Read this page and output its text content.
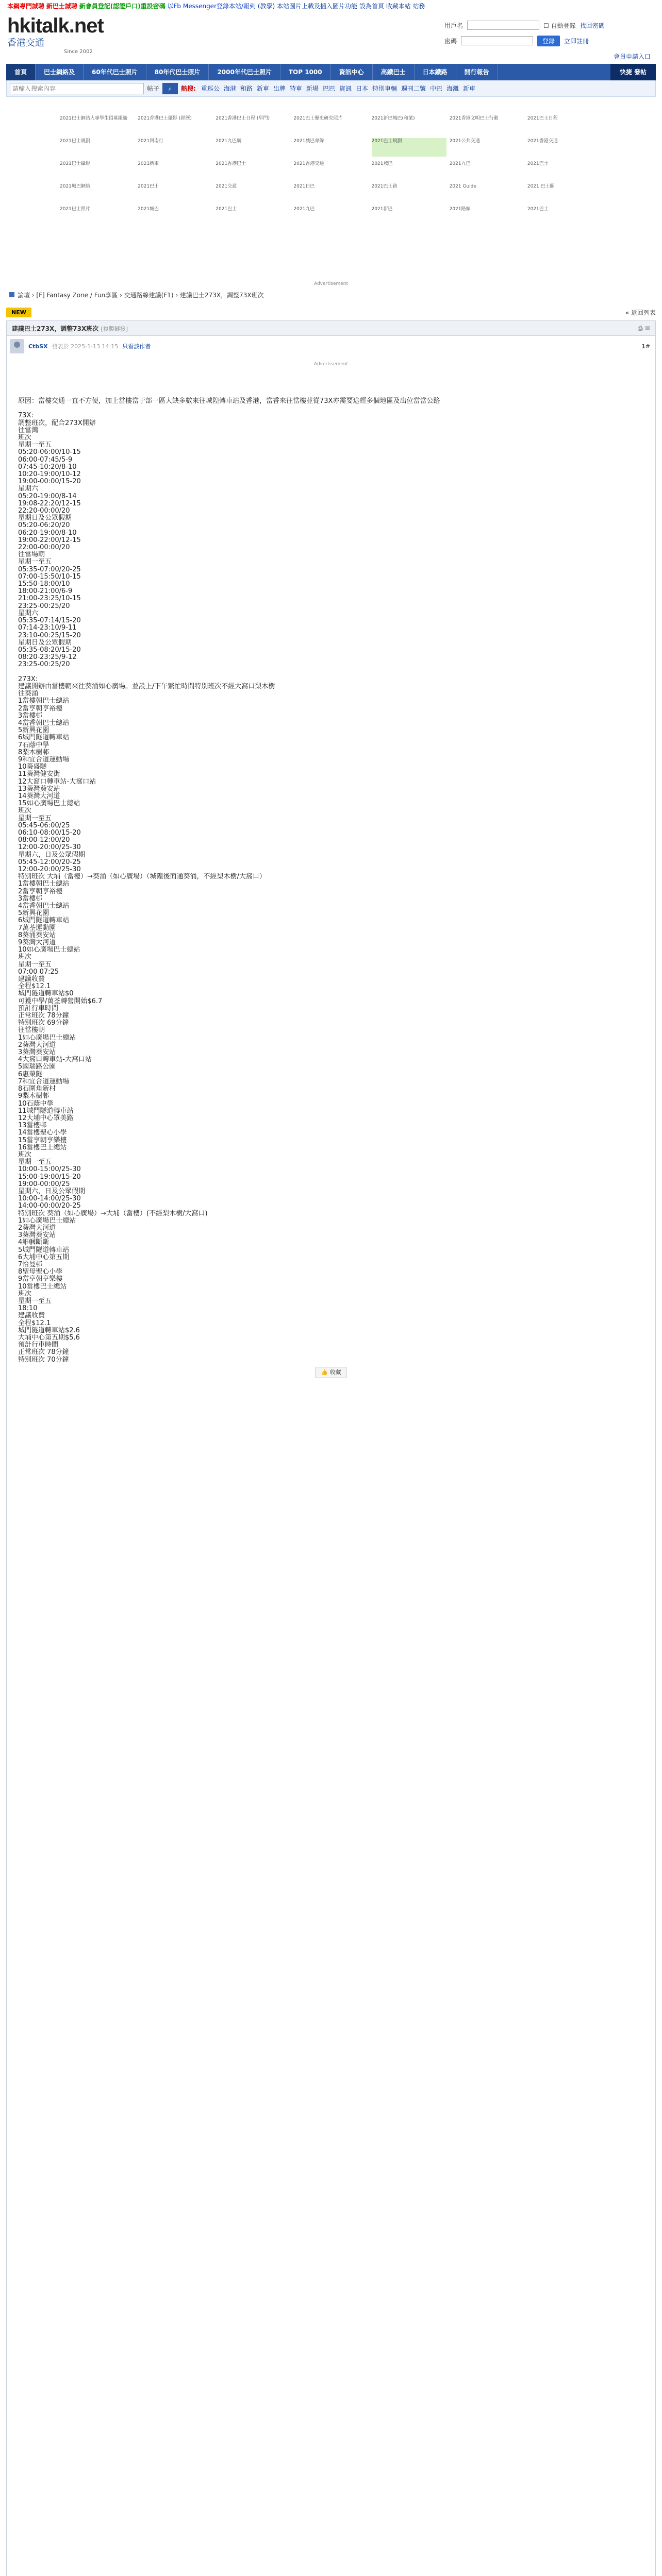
本網專門誠聘 新巴士誠聘 新會員登記(認證戶口)重設密碼 以Fb Messenger登錄本站/報到 (教學) 本站圖片上載及插入圖片功能 設為首頁 收藏本站 站務
hkitalk.net
香港交通
Since 2002
用戶名	☐ 自動登錄 找回密碼
密碼	登錄	立即註冊
會員申請入口
首頁	巴士網絡及	60年代巴士照片	80年代巴士照片	2000年代巴士照片	TOP 1000	資訊中心	高鐵巴士	日本鐵路	開行報告	快捷 發帖
請輸入搜索內容
帖子	⌕	熱搜: 重巡公 海港 和路 新車 出牌 特車 新場 巴巴 資訊 日本 特別車輛 週刊二號 中巴 海灘 新車
2021巴士網站大專學生招募組織	2021香港巴士攝影 (經歷)	2021香港巴士日程 (早門)	2021巴士歷史研究照片	2021新巴城巴(和業)	2021香港文明巴士行動	2021巴士日程
2021巴士規劃	2021回南行	2021九巴網	2021城巴專線	2021巴士規劃	2021公共交通	2021香港交通
2021巴士攝影	2021新車	2021香港巴士	2021香港交通	2021城巴	2021九巴	2021巴士
2021城巴網絡	2021巴士	2021交通	2021日巴	2021巴士路	2021 Guide	2021 巴士圖
2021巴士照片	2021城巴	2021巴士	2021九巴	2021新巴	2021路線	2021巴士
Advertisement
論壇 › [F] Fantasy Zone / Fun享區 › 交通路線建議(F1) › 建議巴士273X，調整73X班次
NEW	« 返回列表
建議巴士273X，調整73X班次 [複製鏈接]	⎙ ✉
CtbSX 發表於 2025-1-13 14:15 只看該作者	1#
Advertisement
原因：當樓交通一直不方便，加上當樓當于部一區大缺多數來往城隍轉車站及香港，當香來往當樓並從73X亦需要途經多個地區及出位當當公路

73X:
調整班次，配合273X開辦
往當灣
班次
星期一至五
05:20-06:00/10-15
06:00-07:45/5-9
07:45-10:20/8-10
10:20-19:00/10-12
19:00-00:00/15-20
星期六
05:20-19:00/8-14
19:08-22:20/12-15
22:20-00:00/20
星期日及公眾假期
05:20-06:20/20
06:20-19:00/8-10
19:00-22:00/12-15
22:00-00:00/20
往當場朝
星期一至五
05:35-07:00/20-25
07:00-15:50/10-15
15:50-18:00/10
18:00-21:00/6-9
21:00-23:25/10-15
23:25-00:25/20
星期六
05:35-07:14/15-20
07:14-23:10/9-11
23:10-00:25/15-20
星期日及公眾假期
05:35-08:20/15-20
08:20-23:25/9-12
23:25-00:25/20

273X:
建議開辦由當樓朝來往葵涌如心廣場。並設上/下午繁忙時間特別班次不經大窩口梨木樹
往葵涌
1當樓朝巴士總站
2當亨朝亨裕樓
3當樓邨
4當香朝巴士總站
5新興花園
6城門隧道轉車站
7石蔭中學
8梨木樹邨
9和宜合道運動場
10葵盛隧
11葵灣健安街
12大窩口轉車站-大窩口站
13葵灣葵安站
14葵灣大河道
15如心廣場巴士總站
班次
星期一至五
05:45-06:00/25
06:10-08:00/15-20
08:00-12:00/20
12:00-20:00/25-30
星期六，日及公眾假期
05:45-12:00/20-25
12:00-20:00/25-30
特別班次 大埔（當樓）→葵涌（如心廣場）（城隍後面通葵涌，不經梨木樹/大窩口）
1當樓朝巴士總站
2當亨朝亨裕樓
3當樓邨
4當香朝巴士總站
5新興花園
6城門隧道轉車站
7萬荃運動園
8葵涌葵安站
9葵灣大河道
10如心廣場巴士總站
班次
星期一至五
07:00 07:25
建議收費
全程$12.1
城門隧道轉車站$0
可獲中學/萬荃轉營開始$6.7
預計行車時間
正常班次 78分鐘
特別班次 69分鐘
往當樓朝
1如心廣場巴士總站
2葵灣大河道
3葵灣葵安站
4大窩口轉車站-大窩口站
5國瑞路公園
6惠榮隧
7和宜合道運動場
8石圍角新村
9梨木樹邨
10石蔭中學
11城門隧道轉車站
12大埔中心罩美路
13當樓邨
14當樓聖心小學
15當亨朝亨樂樓
16當樓巴士總站
班次
星期一至五
10:00-15:00/25-30
15:00-19:00/15-20
19:00-00:00/25
星期六，日及公眾假期
10:00-14:00/25-30
14:00-00:00/20-25
特別班次 葵涌（如心廣場）→大埔（當樓）(不經梨木樹/大窩口)
1如心廣場巴士總站
2葵灣大河道
3葵灣葵安站
4維幗斷斷
5城門隧道轉車站
6大埔中心第五期
7恰曼邨
8聖母聖心小學
9當亨朝亨樂樓
10當樓巴士總站
班次
星期一至五
18:10
建議收費
全程$12.1
城門隧道轉車站$2.6
大埔中心第五期$5.6
預計行車時間
正常班次 78分鐘
特別班次 70分鐘
👍 收藏
